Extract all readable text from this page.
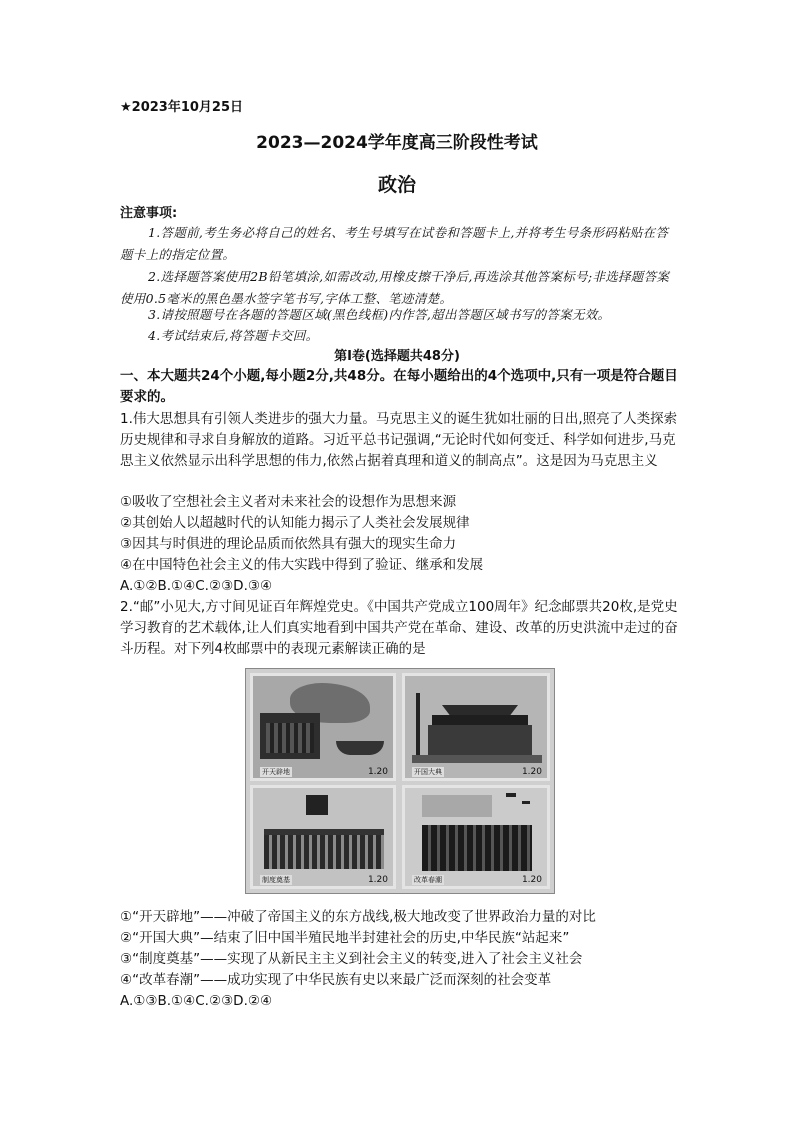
★2023年10月25日
2023—2024学年度高三阶段性考试
政治
注意事项:
1.答题前,考生务必将自己的姓名、考生号填写在试卷和答题卡上,并将考生号条形码粘贴在答题卡上的指定位置。
2.选择题答案使用2B铅笔填涂,如需改动,用橡皮擦干净后,再选涂其他答案标号;非选择题答案使用0.5毫米的黑色墨水签字笔书写,字体工整、笔迹清楚。
3.请按照题号在各题的答题区域(黑色线框)内作答,超出答题区域书写的答案无效。
4.考试结束后,将答题卡交回。
第Ⅰ卷(选择题共48分)
一、本大题共24个小题,每小题2分,共48分。在每小题给出的4个选项中,只有一项是符合题目要求的。
1.伟大思想具有引领人类进步的强大力量。马克思主义的诞生犹如壮丽的日出,照亮了人类探索历史规律和寻求自身解放的道路。习近平总书记强调,“无论时代如何变迁、科学如何进步,马克思主义依然显示出科学思想的伟力,依然占据着真理和道义的制高点”。这是因为马克思主义
①吸收了空想社会主义者对未来社会的设想作为思想来源
②其创始人以超越时代的认知能力揭示了人类社会发展规律
③因其与时俱进的理论品质而依然具有强大的现实生命力
④在中国特色社会主义的伟大实践中得到了验证、继承和发展
A.①②B.①④C.②③D.③④
2.“邮”小见大,方寸间见证百年辉煌党史。《中国共产党成立100周年》纪念邮票共20枚,是党史学习教育的艺术载体,让人们真实地看到中国共产党在革命、建设、改革的历史洪流中走过的奋斗历程。对下列4枚邮票中的表现元素解读正确的是
开天辟地	1.20	开国大典	1.20
制度奠基	1.20	改革春潮	1.20
①“开天辟地”——冲破了帝国主义的东方战线,极大地改变了世界政治力量的对比
②“开国大典”—结束了旧中国半殖民地半封建社会的历史,中华民族“站起来”
③“制度奠基”——实现了从新民主主义到社会主义的转变,进入了社会主义社会
④“改革春潮”——成功实现了中华民族有史以来最广泛而深刻的社会变革
A.①③B.①④C.②③D.②④
